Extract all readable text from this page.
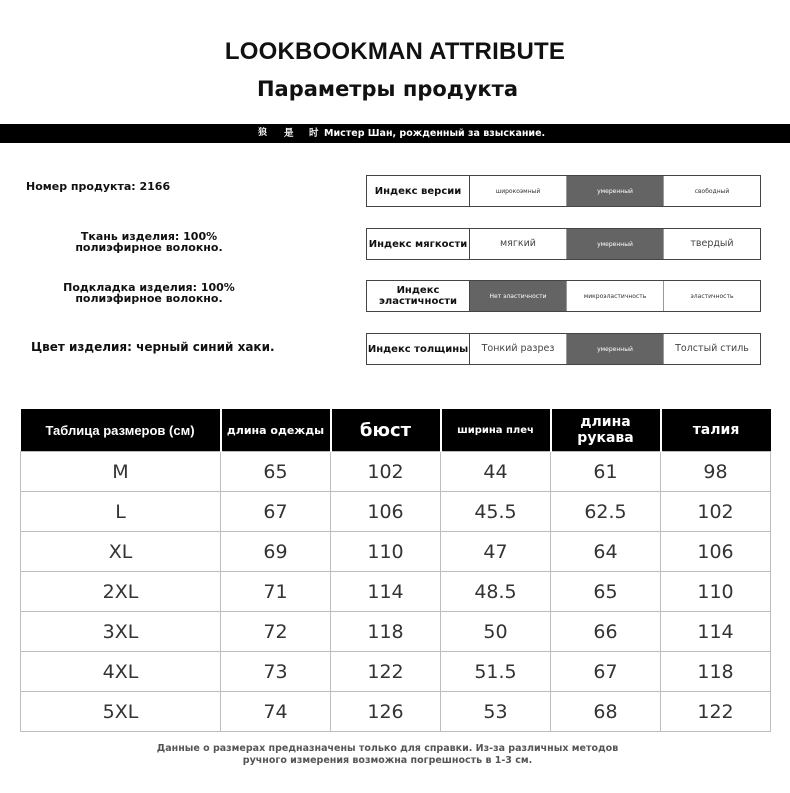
LOOKBOOKMAN ATTRIBUTE
Параметры продукта
狼 是 时 Мистер Шан, рожденный за взыскание.
Номер продукта: 2166
Ткань изделия: 100% полиэфирное волокно.
Подкладка изделия: 100% полиэфирное волокно.
Цвет изделия: черный синий хаки.
Индекс версии	широкоэмный	умеренный	свободный
Индекс мягкости	мягкий	умеренный	твердый
Индекс эластичности	Нет эластичности	микроэластичность	эластичность
Индекс толщины	Тонкий разрез	умеренный	Толстый стиль
Таблица размеров (см)	длина одежды	бюст	ширина плеч	длина рукава	талия
M	65	102	44	61	98
L	67	106	45.5	62.5	102
XL	69	110	47	64	106
2XL	71	114	48.5	65	110
3XL	72	118	50	66	114
4XL	73	122	51.5	67	118
5XL	74	126	53	68	122
Данные о размерах предназначены только для справки. Из-за различных методов
ручного измерения возможна погрешность в 1-3 см.
